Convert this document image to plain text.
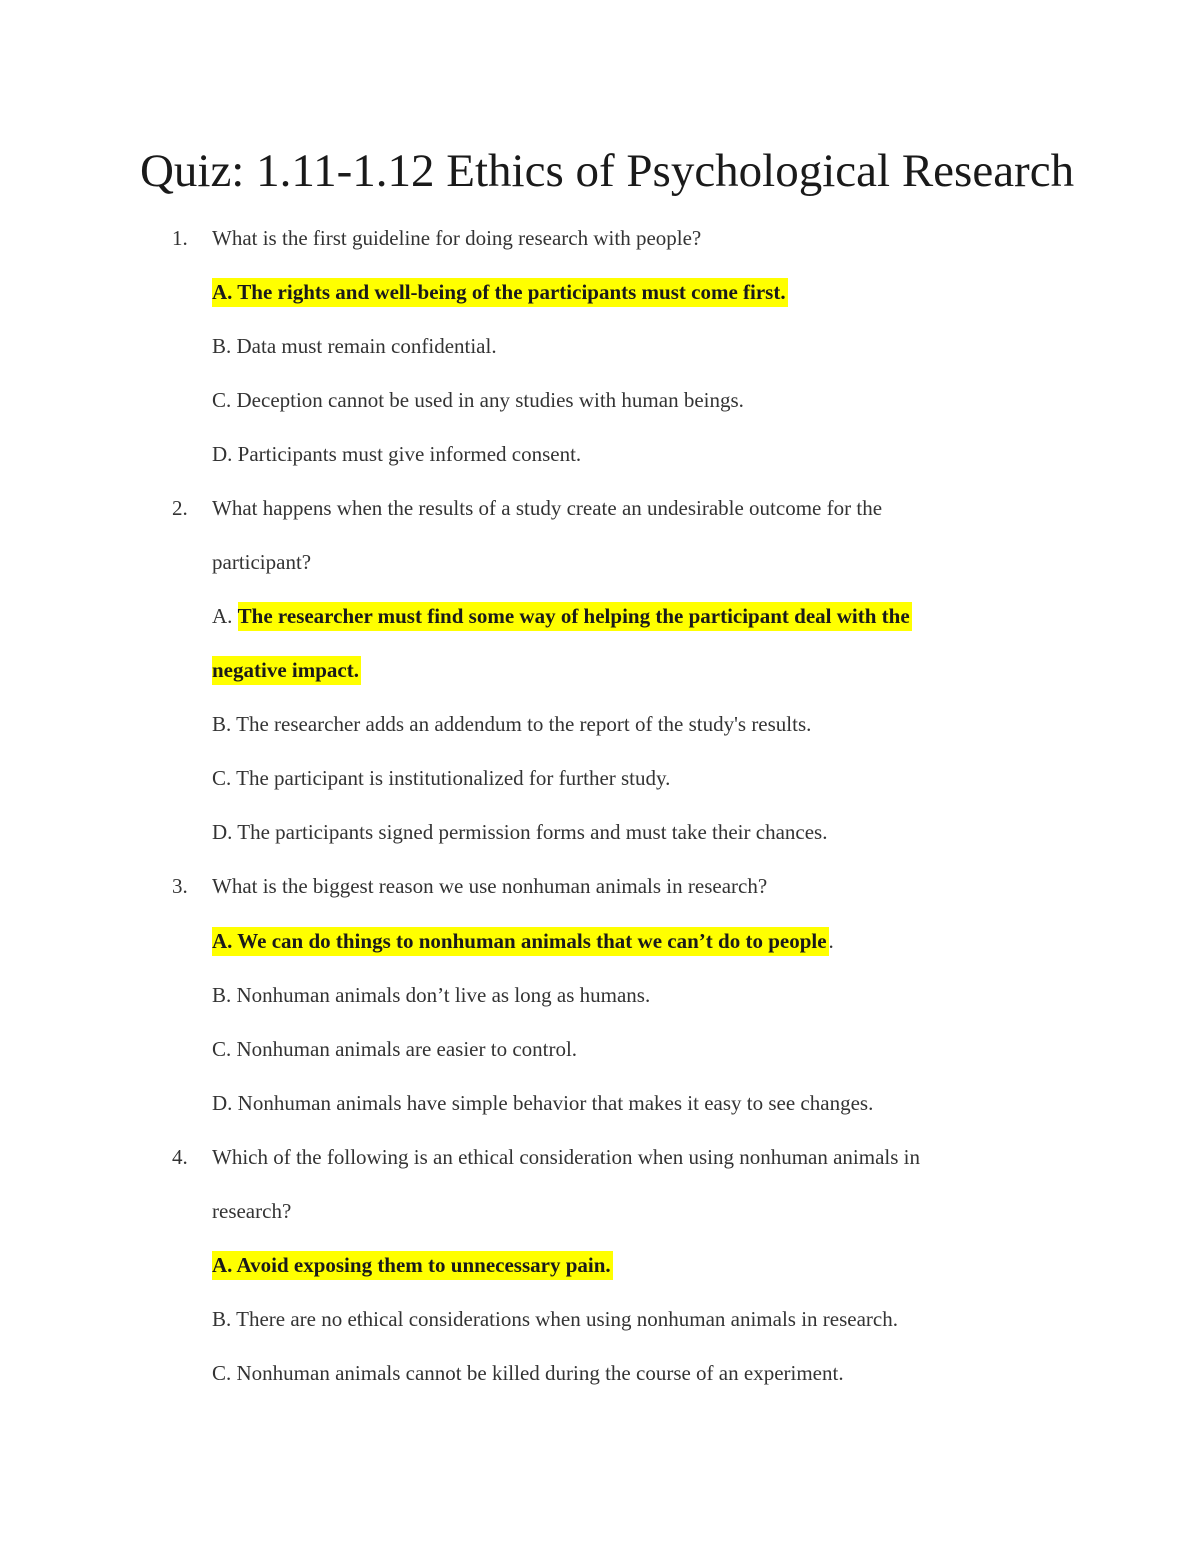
Quiz: 1.11-1.12 Ethics of Psychological Research
1. What is the first guideline for doing research with people?
A. The rights and well-being of the participants must come first.
B. Data must remain confidential.
C. Deception cannot be used in any studies with human beings.
D. Participants must give informed consent.
2. What happens when the results of a study create an undesirable outcome for the
participant?
A. The researcher must find some way of helping the participant deal with the
negative impact.
B. The researcher adds an addendum to the report of the study's results.
C. The participant is institutionalized for further study.
D. The participants signed permission forms and must take their chances.
3. What is the biggest reason we use nonhuman animals in research?
A. We can do things to nonhuman animals that we can’t do to people.
B. Nonhuman animals don’t live as long as humans.
C. Nonhuman animals are easier to control.
D. Nonhuman animals have simple behavior that makes it easy to see changes.
4. Which of the following is an ethical consideration when using nonhuman animals in
research?
A. Avoid exposing them to unnecessary pain.
B. There are no ethical considerations when using nonhuman animals in research.
C. Nonhuman animals cannot be killed during the course of an experiment.
